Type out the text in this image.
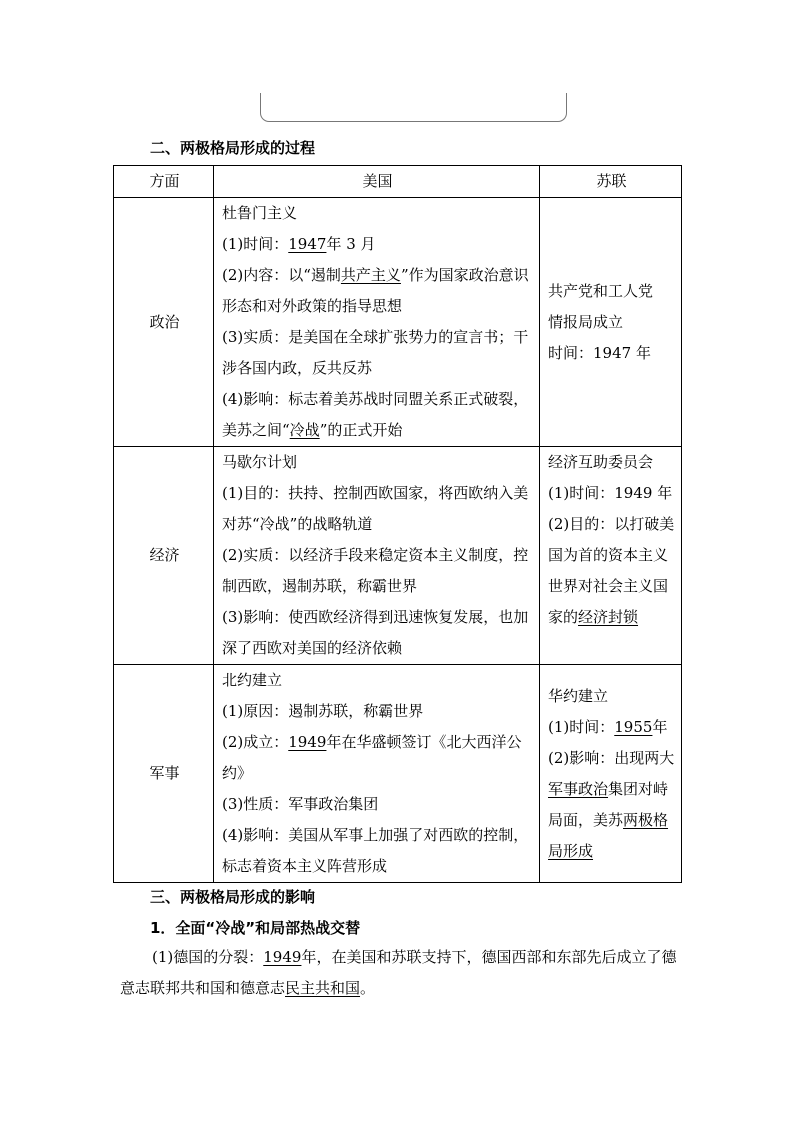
二、两极格局形成的过程
方面	美国	苏联
政治	杜鲁门主义
(1)时间：1947年 3 月
(2)内容：以“遏制共产主义”作为国家政治意识形态和对外政策的指导思想
(3)实质：是美国在全球扩张势力的宣言书；干涉各国内政，反共反苏
(4)影响：标志着美苏战时同盟关系正式破裂，美苏之间“冷战”的正式开始	共产党和工人党
情报局成立
时间：1947 年

经济	马歇尔计划
(1)目的：扶持、控制西欧国家，将西欧纳入美对苏“冷战”的战略轨道
(2)实质：以经济手段来稳定资本主义制度，控制西欧，遏制苏联，称霸世界
(3)影响：使西欧经济得到迅速恢复发展，也加深了西欧对美国的经济依赖	经济互助委员会
(1)时间：1949 年
(2)目的：以打破美国为首的资本主义世界对社会主义国家的经济封锁

军事	北约建立
(1)原因：遏制苏联，称霸世界
(2)成立：1949年在华盛顿签订《北大西洋公约》
(3)性质：军事政治集团
(4)影响：美国从军事上加强了对西欧的控制，标志着资本主义阵营形成	华约建立
(1)时间：1955年
(2)影响：出现两大军事政治集团对峙局面，美苏两极格局形成
三、两极格局形成的影响
1．全面“冷战”和局部热战交替
(1)德国的分裂：1949年，在美国和苏联支持下，德国西部和东部先后成立了德意志联邦共和国和德意志民主共和国。
